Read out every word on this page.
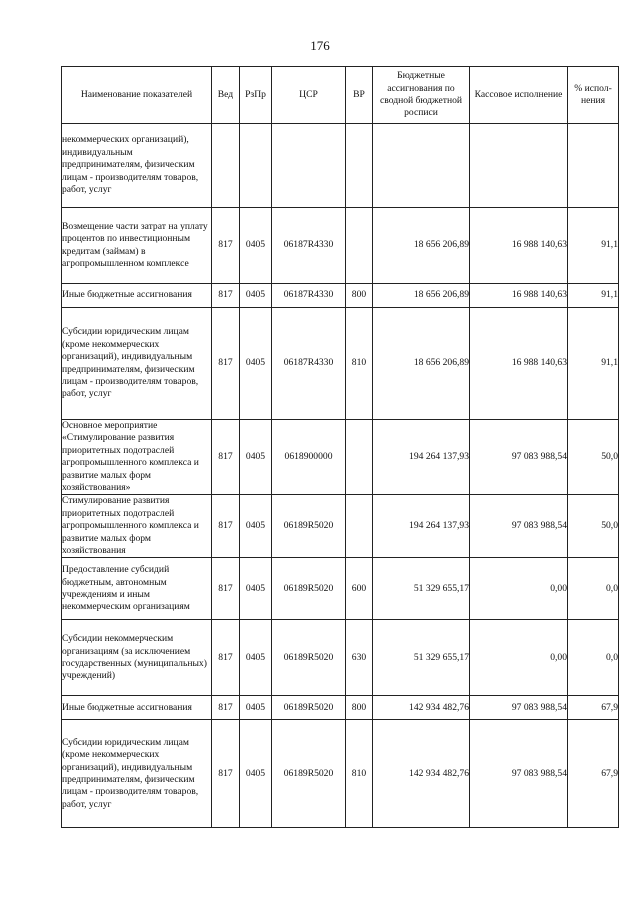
176
Наименование показателей	Вед	РзПр	ЦСР	ВР	Бюджетные ассигнования по сводной бюджетной росписи	Кассовое исполнение	% испол-нения
некоммерческих организаций), индивидуальным предпринимателям, физическим лицам - производителям товаров, работ, услуг							
Возмещение части затрат на уплату процентов по инвестиционным кредитам (займам) в агропромышленном комплексе	817	0405	06187R4330		18 656 206,89	16 988 140,63	91,1
Иные бюджетные ассигнования	817	0405	06187R4330	800	18 656 206,89	16 988 140,63	91,1
Субсидии юридическим лицам (кроме некоммерческих организаций), индивидуальным предпринимателям, физическим лицам - производителям товаров, работ, услуг	817	0405	06187R4330	810	18 656 206,89	16 988 140,63	91,1
Основное мероприятие «Стимулирование развития приоритетных подотраслей агропромышленного комплекса и развитие малых форм хозяйствования»	817	0405	0618900000		194 264 137,93	97 083 988,54	50,0
Стимулирование развития приоритетных подотраслей агропромышленного комплекса и развитие малых форм хозяйствования	817	0405	06189R5020		194 264 137,93	97 083 988,54	50,0
Предоставление субсидий бюджетным, автономным учреждениям и иным некоммерческим организациям	817	0405	06189R5020	600	51 329 655,17	0,00	0,0
Субсидии некоммерческим организациям (за исключением государственных (муниципальных) учреждений)	817	0405	06189R5020	630	51 329 655,17	0,00	0,0
Иные бюджетные ассигнования	817	0405	06189R5020	800	142 934 482,76	97 083 988,54	67,9
Субсидии юридическим лицам (кроме некоммерческих организаций), индивидуальным предпринимателям, физическим лицам - производителям товаров, работ, услуг	817	0405	06189R5020	810	142 934 482,76	97 083 988,54	67,9
